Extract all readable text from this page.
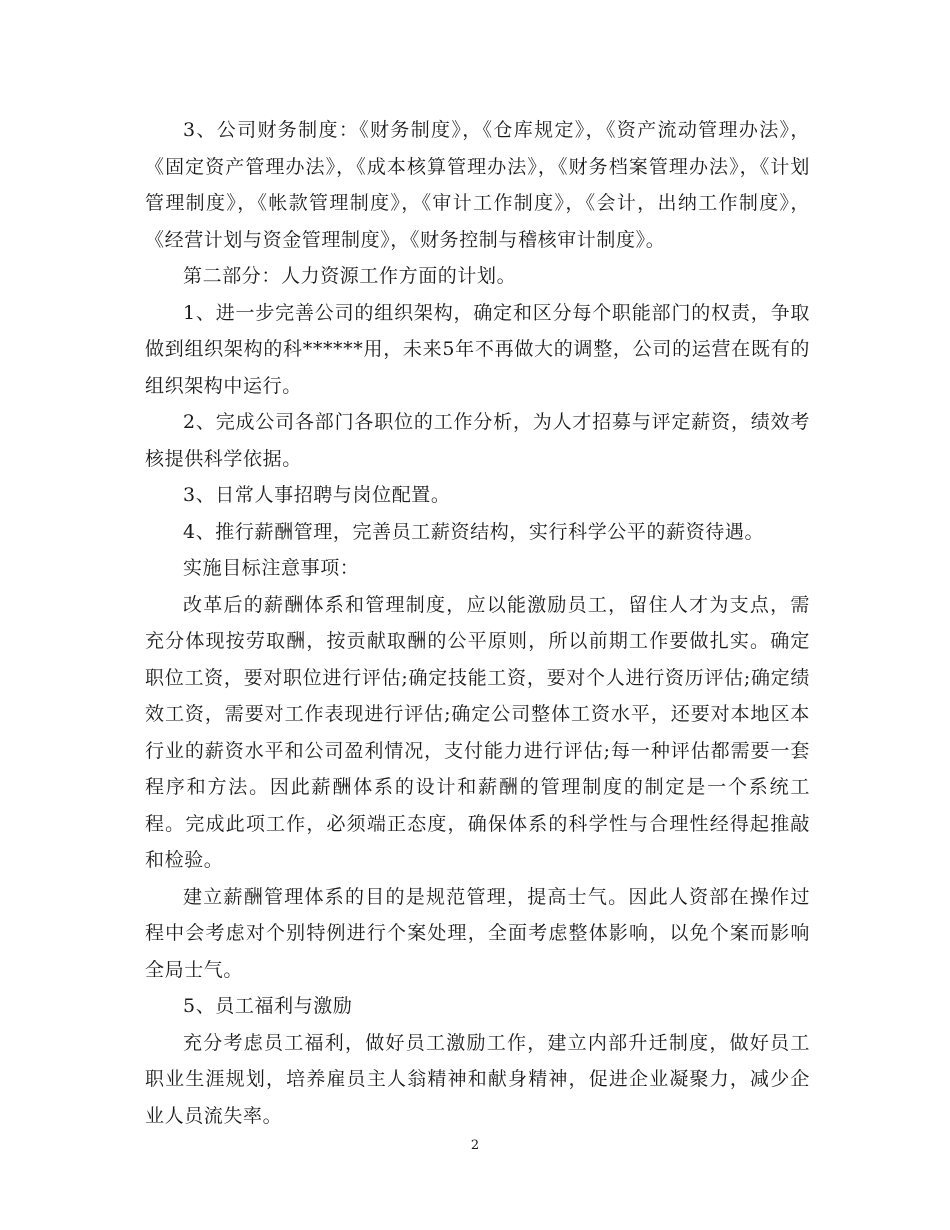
3、公司财务制度：《财务制度》，《仓库规定》，《资产流动管理办法》，《固定资产管理办法》，《成本核算管理办法》，《财务档案管理办法》，《计划管理制度》，《帐款管理制度》，《审计工作制度》，《会计，出纳工作制度》，《经营计划与资金管理制度》，《财务控制与稽核审计制度》。

第二部分：人力资源工作方面的计划。

1、进一步完善公司的组织架构，确定和区分每个职能部门的权责，争取做到组织架构的科******用，未来5年不再做大的调整，公司的运营在既有的组织架构中运行。

2、完成公司各部门各职位的工作分析，为人才招募与评定薪资，绩效考核提供科学依据。

3、日常人事招聘与岗位配置。

4、推行薪酬管理，完善员工薪资结构，实行科学公平的薪资待遇。

实施目标注意事项：

改革后的薪酬体系和管理制度，应以能激励员工，留住人才为支点，需充分体现按劳取酬，按贡献取酬的公平原则，所以前期工作要做扎实。确定职位工资，要对职位进行评估;确定技能工资，要对个人进行资历评估;确定绩效工资，需要对工作表现进行评估;确定公司整体工资水平，还要对本地区本行业的薪资水平和公司盈利情况，支付能力进行评估;每一种评估都需要一套程序和方法。因此薪酬体系的设计和薪酬的管理制度的制定是一个系统工程。完成此项工作，必须端正态度，确保体系的科学性与合理性经得起推敲和检验。

建立薪酬管理体系的目的是规范管理，提高士气。因此人资部在操作过程中会考虑对个别特例进行个案处理，全面考虑整体影响，以免个案而影响全局士气。

5、员工福利与激励

充分考虑员工福利，做好员工激励工作，建立内部升迁制度，做好员工职业生涯规划，培养雇员主人翁精神和献身精神，促进企业凝聚力，减少企业人员流失率。

2
